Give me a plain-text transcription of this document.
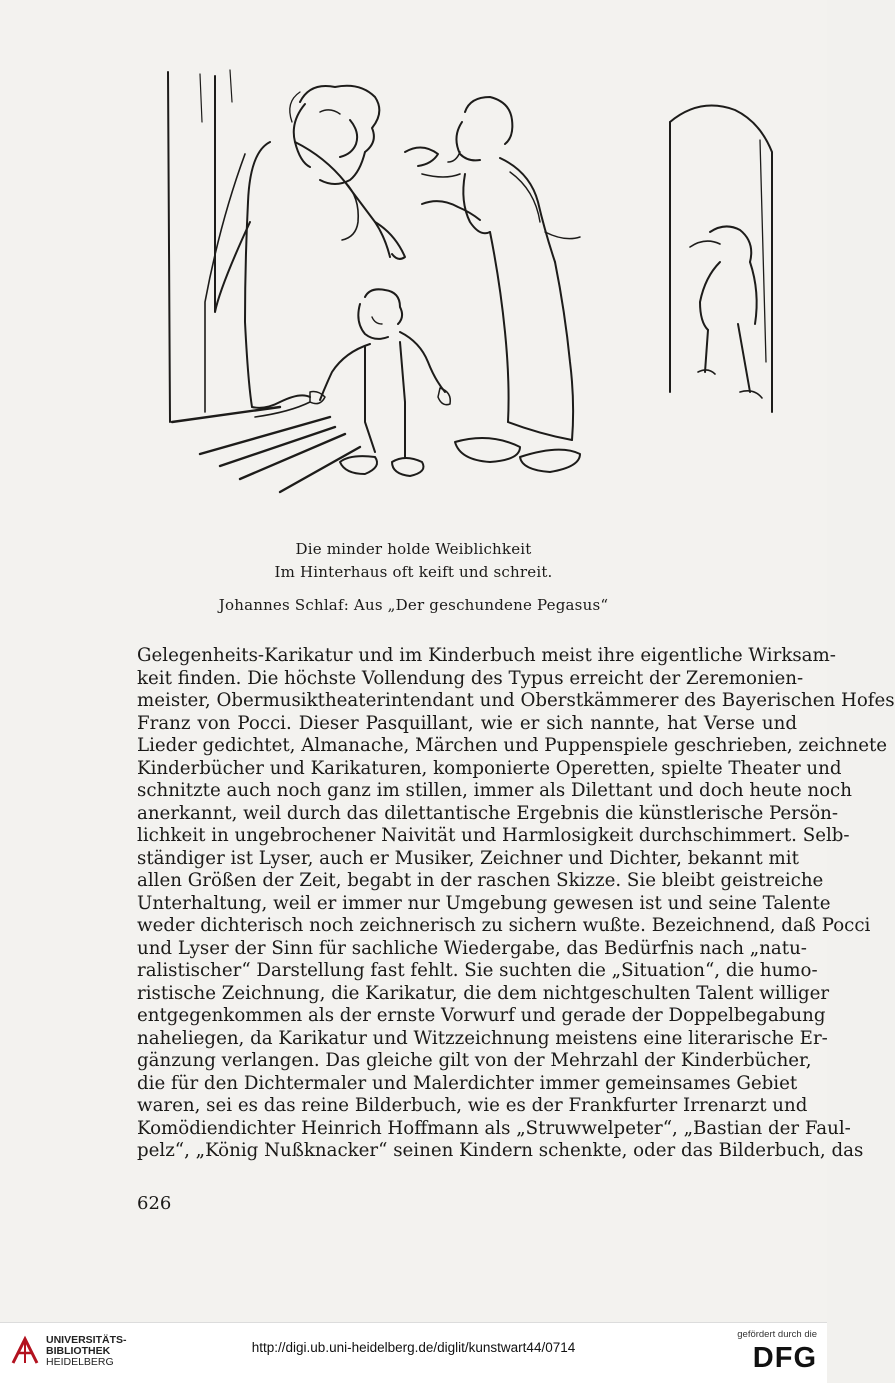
Die minder holde Weiblichkeit
Im Hinterhaus oft keift und schreit.
Johannes Schlaf: Aus „Der geschundene Pegasus“
Gelegenheits-Karikatur und im Kinderbuch meist ihre eigentliche Wirksam-
keit finden. Die höchste Vollendung des Typus erreicht der Zeremonien-
meister, Obermusiktheaterintendant und Oberstkämmerer des Bayerischen Hofes
Franz von Pocci. Dieser Pasquillant, wie er sich nannte, hat Verse und
Lieder gedichtet, Almanache, Märchen und Puppenspiele geschrieben, zeichnete
Kinderbücher und Karikaturen, komponierte Operetten, spielte Theater und
schnitzte auch noch ganz im stillen, immer als Dilettant und doch heute noch
anerkannt, weil durch das dilettantische Ergebnis die künstlerische Persön-
lichkeit in ungebrochener Naivität und Harmlosigkeit durchschimmert. Selb-
ständiger ist Lyser, auch er Musiker, Zeichner und Dichter, bekannt mit
allen Größen der Zeit, begabt in der raschen Skizze. Sie bleibt geistreiche
Unterhaltung, weil er immer nur Umgebung gewesen ist und seine Talente
weder dichterisch noch zeichnerisch zu sichern wußte. Bezeichnend, daß Pocci
und Lyser der Sinn für sachliche Wiedergabe, das Bedürfnis nach „natu-
ralistischer“ Darstellung fast fehlt. Sie suchten die „Situation“, die humo-
ristische Zeichnung, die Karikatur, die dem nichtgeschulten Talent williger
entgegenkommen als der ernste Vorwurf und gerade der Doppelbegabung
naheliegen, da Karikatur und Witzzeichnung meistens eine literarische Er-
gänzung verlangen. Das gleiche gilt von der Mehrzahl der Kinderbücher,
die für den Dichtermaler und Malerdichter immer gemeinsames Gebiet
waren, sei es das reine Bilderbuch, wie es der Frankfurter Irrenarzt und
Komödiendichter Heinrich Hoffmann als „Struwwelpeter“, „Bastian der Faul-
pelz“, „König Nußknacker“ seinen Kindern schenkte, oder das Bilderbuch, das
626
UNIVERSITÄTS-
BIBLIOTHEK
HEIDELBERG
http://digi.ub.uni-heidelberg.de/diglit/kunstwart44/0714
gefördert durch die
DFG
